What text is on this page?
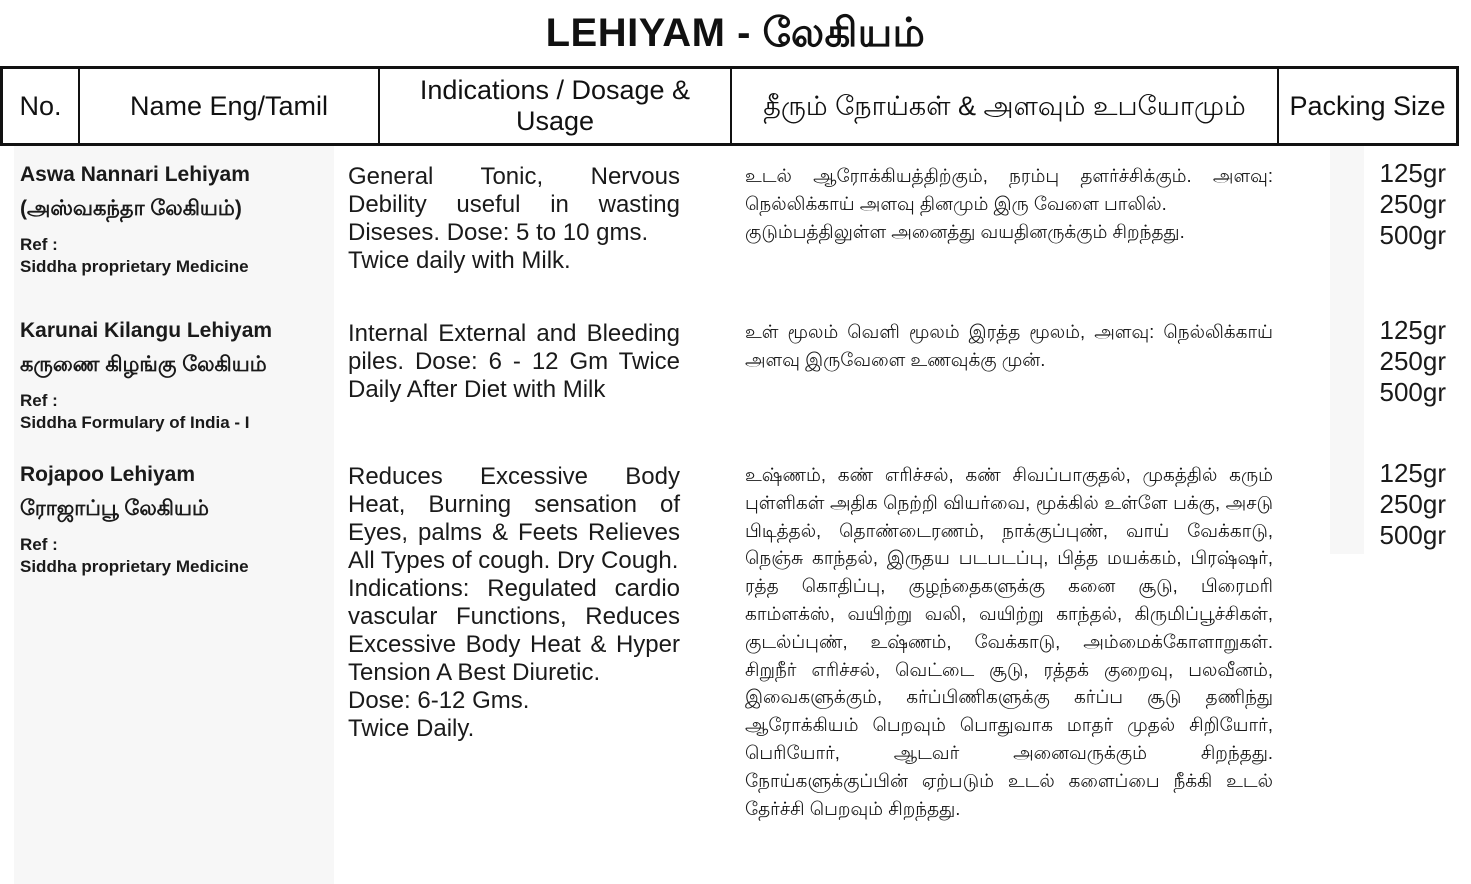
LEHIYAM - லேகியம்
No.	Name Eng/Tamil
Indications / Dosage & Usage
தீரும் நோய்கள் & அளவும் உபயோமும்	Packing Size
Aswa Nannari Lehiyam
(அஸ்வகந்தா லேகியம்)
Ref :
Siddha proprietary Medicine
General Tonic, Nervous Debility useful in wasting Diseses. Dose: 5 to 10 gms.
Twice daily with Milk.
உடல் ஆரோக்கியத்திற்கும், நரம்பு தளர்ச்சிக்கும். அளவு: நெல்லிக்காய் அளவு தினமும் இரு வேளை பாலில்.
குடும்பத்திலுள்ள அனைத்து வயதினருக்கும் சிறந்தது.
125gr
250gr
500gr
Karunai Kilangu Lehiyam
கருணை கிழங்கு லேகியம்
Ref :
Siddha Formulary of India - I
Internal External and Bleeding piles. Dose: 6 - 12 Gm Twice Daily After Diet with Milk
உள் மூலம் வெளி மூலம் இரத்த மூலம், அளவு: நெல்லிக்காய் அளவு இருவேளை உணவுக்கு முன்.
125gr
250gr
500gr
Rojapoo Lehiyam
ரோஜாப்பூ லேகியம்
Ref :
Siddha proprietary Medicine
Reduces Excessive Body Heat, Burning sensation of Eyes, palms & Feets Relieves All Types of cough. Dry Cough.
Indications: Regulated cardio vascular Functions, Reduces Excessive Body Heat & Hyper Tension A Best Diuretic.
Dose: 6-12 Gms.
Twice Daily.
உஷ்ணம், கண் எரிச்சல், கண் சிவப்பாகுதல், முகத்தில் கரும் புள்ளிகள் அதிக நெற்றி வியர்வை, மூக்கில் உள்ளே பக்கு, அசடு பிடித்தல், தொண்டைரணம், நாக்குப்புண், வாய் வேக்காடு, நெஞ்சு காந்தல், இருதய படபடப்பு, பித்த மயக்கம், பிரஷ்ஷர், ரத்த கொதிப்பு, குழந்தைகளுக்கு கனை சூடு, பிரைமரி காம்ளக்ஸ், வயிற்று வலி, வயிற்று காந்தல், கிருமிப்பூச்சிகள், குடல்ப்புண், உஷ்ணம், வேக்காடு, அம்மைக்கோளாறுகள். சிறுநீர் எரிச்சல், வெட்டை சூடு, ரத்தக் குறைவு, பலவீனம், இவைகளுக்கும், கர்ப்பிணிகளுக்கு கர்ப்ப சூடு தணிந்து ஆரோக்கியம் பெறவும் பொதுவாக மாதர் முதல் சிறியோர், பெரியோர், ஆடவர் அனைவருக்கும் சிறந்தது. நோய்களுக்குப்பின் ஏற்படும் உடல் களைப்பை நீக்கி உடல் தேர்ச்சி பெறவும் சிறந்தது.
125gr
250gr
500gr
